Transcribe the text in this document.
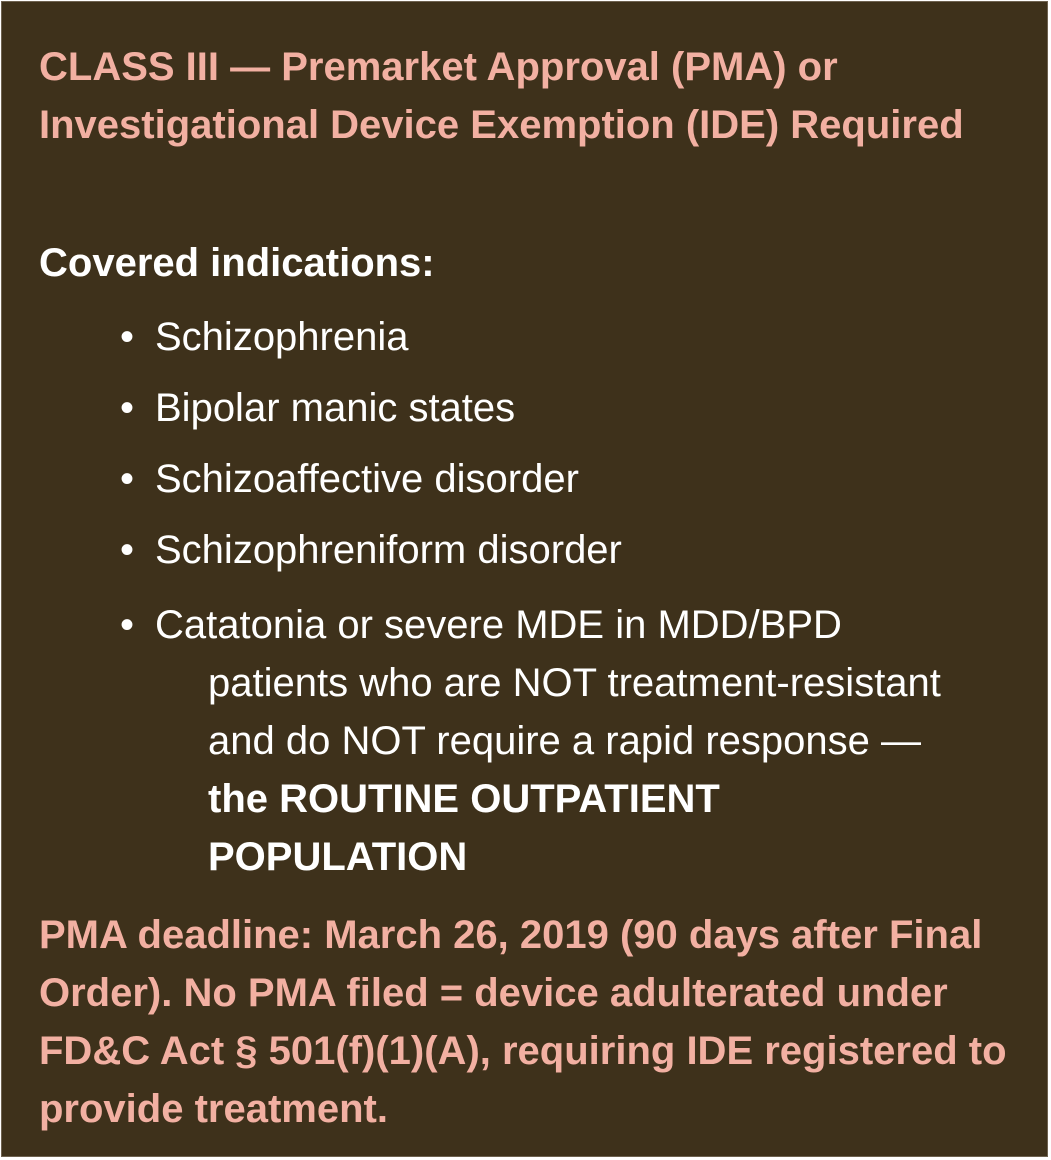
CLASS III — Premarket Approval (PMA) or Investigational Device Exemption (IDE) Required

Covered indications:

• Schizophrenia
• Bipolar manic states
• Schizoaffective disorder
• Schizophreniform disorder
• Catatonia or severe MDE in MDD/BPD
patients who are NOT treatment-resistant and do NOT require a rapid response — the ROUTINE OUTPATIENT POPULATION

PMA deadline: March 26, 2019 (90 days after Final Order). No PMA filed = device adulterated under FD&C Act § 501(f)(1)(A), requiring IDE registered to provide treatment.
